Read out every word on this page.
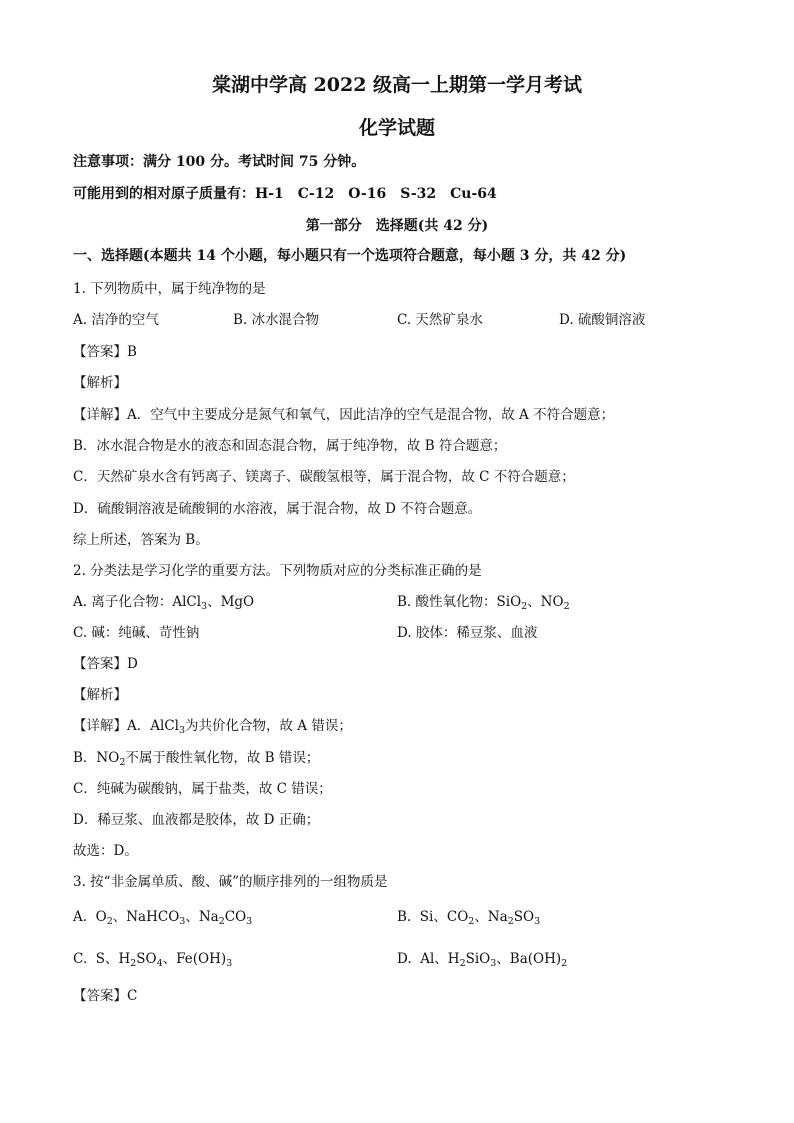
棠湖中学高 2022 级高一上期第一学月考试
化学试题
注意事项：满分 100 分。考试时间 75 分钟。
可能用到的相对原子质量有：H-1　C-12　O-16　S-32　Cu-64
第一部分　选择题(共 42 分)
一、选择题(本题共 14 个小题，每小题只有一个选项符合题意，每小题 3 分，共 42 分)
1. 下列物质中，属于纯净物的是
A. 洁净的空气	B. 冰水混合物	C. 天然矿泉水	D. 硫酸铜溶液
【答案】B
【解析】
【详解】A．空气中主要成分是氮气和氧气，因此洁净的空气是混合物，故 A 不符合题意；
B．冰水混合物是水的液态和固态混合物，属于纯净物，故 B 符合题意；
C．天然矿泉水含有钙离子、镁离子、碳酸氢根等，属于混合物，故 C 不符合题意；
D．硫酸铜溶液是硫酸铜的水溶液，属于混合物，故 D 不符合题意。
综上所述，答案为 B。
2. 分类法是学习化学的重要方法。下列物质对应的分类标准正确的是
A. 离子化合物：AlCl$_3$、MgO	B. 酸性氧化物：SiO$_2$、$NO_2$
C. 碱：纯碱、苛性钠	D. 胶体：稀豆浆、血液
【答案】D
【解析】
【详解】A．AlCl$_3$为共价化合物，故 A 错误；
B．$NO_2$不属于酸性氧化物，故 B 错误；
C．纯碱为碳酸钠，属于盐类，故 C 错误；
D．稀豆浆、血液都是胶体，故 D 正确；
故选：D。
3. 按“非金属单质、酸、碱”的顺序排列的一组物质是
A.  $O_2$、NaHCO$_3$、$Na_2CO_3$	B.  Si、$CO_2$、$Na_2SO_3$
C.  S、$H_2SO_4$、$Fe(OH)_3$	D.  Al、$H_2SiO_3$、$Ba(OH)_2$
【答案】C
